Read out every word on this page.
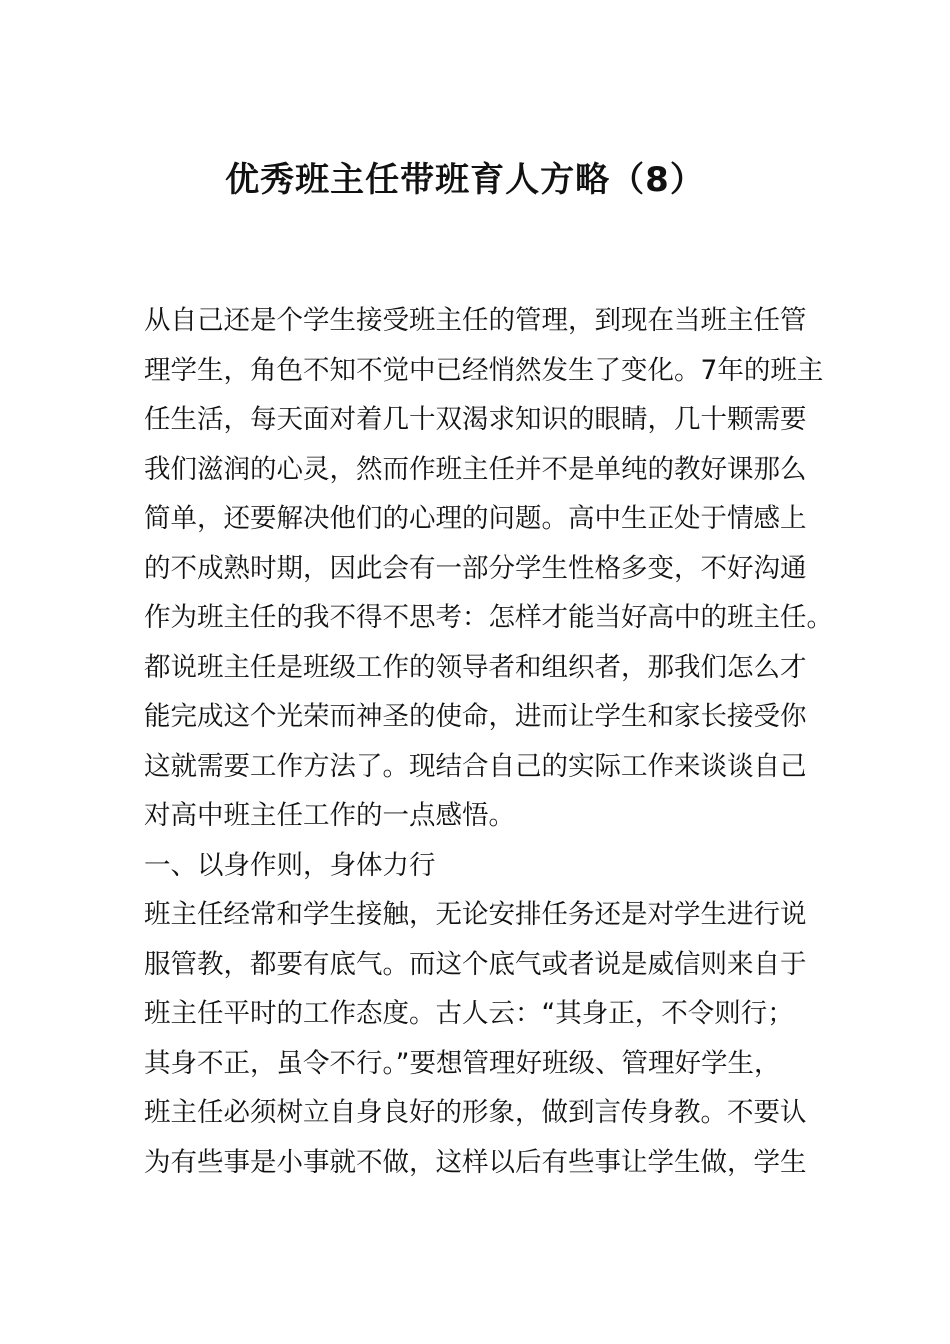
优秀班主任带班育人方略（8）
从自己还是个学生接受班主任的管理，到现在当班主任管
理学生，角色不知不觉中已经悄然发生了变化。7年的班主
任生活，每天面对着几十双渴求知识的眼睛，几十颗需要
我们滋润的心灵，然而作班主任并不是单纯的教好课那么
简单，还要解决他们的心理的问题。高中生正处于情感上
的不成熟时期，因此会有一部分学生性格多变，不好沟通
作为班主任的我不得不思考：怎样才能当好高中的班主任。
都说班主任是班级工作的领导者和组织者，那我们怎么才
能完成这个光荣而神圣的使命，进而让学生和家长接受你
这就需要工作方法了。现结合自己的实际工作来谈谈自己
对高中班主任工作的一点感悟。
一、以身作则，身体力行
班主任经常和学生接触，无论安排任务还是对学生进行说
服管教，都要有底气。而这个底气或者说是威信则来自于
班主任平时的工作态度。古人云：“其身正，不令则行；
其身不正，虽令不行。”要想管理好班级、管理好学生，
班主任必须树立自身良好的形象，做到言传身教。不要认
为有些事是小事就不做，这样以后有些事让学生做，学生
